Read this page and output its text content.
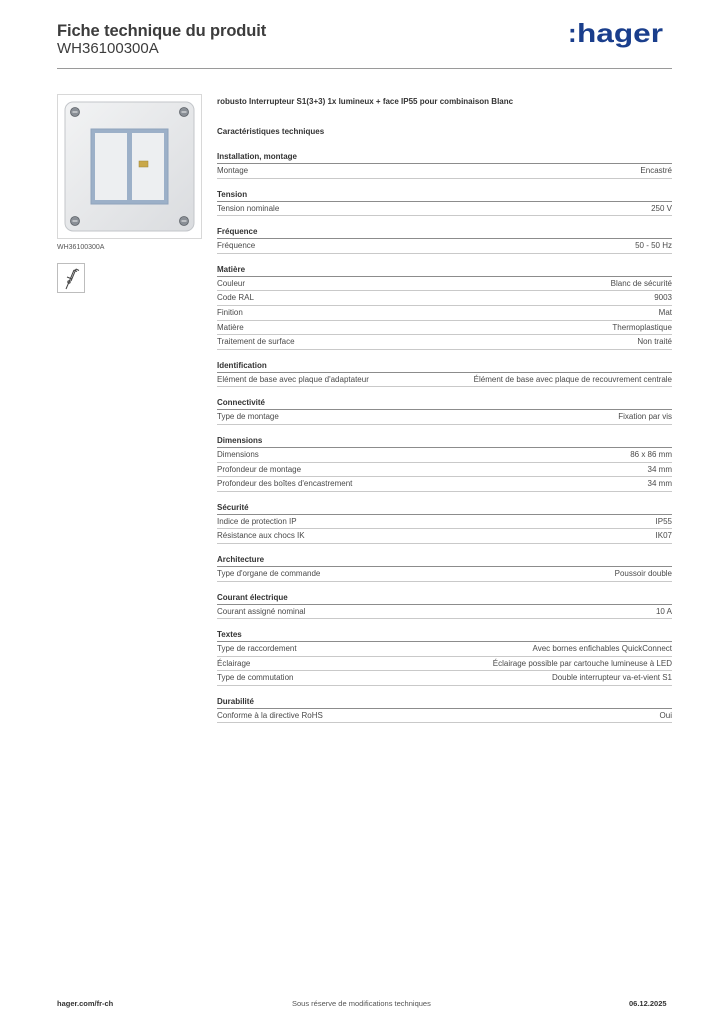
Fiche technique du produit
WH36100300A
: hager
WH36100300A
robusto Interrupteur S1(3+3) 1x lumineux + face IP55 pour combinaison Blanc
Caractéristiques techniques
Installation, montage
Montage	Encastré
Tension
Tension nominale	250 V
Fréquence
Fréquence	50 - 50 Hz
Matière
Couleur	Blanc de sécurité
Code RAL	9003
Finition	Mat
Matière	Thermoplastique
Traitement de surface	Non traité
Identification
Elément de base avec plaque d'adaptateur	Élément de base avec plaque de recouvrement centrale
Connectivité
Type de montage	Fixation par vis
Dimensions
Dimensions	86 x 86 mm
Profondeur de montage	34 mm
Profondeur des boîtes d'encastrement	34 mm
Sécurité
Indice de protection IP	IP55
Résistance aux chocs IK	IK07
Architecture
Type d'organe de commande	Poussoir double
Courant électrique
Courant assigné nominal	10 A
Textes
Type de raccordement	Avec bornes enfichables QuickConnect
Éclairage	Éclairage possible par cartouche lumineuse à LED
Type de commutation	Double interrupteur va-et-vient S1
Durabilité
Conforme à la directive RoHS	Oui
hager.com/fr-ch	Sous réserve de modifications techniques	06.12.2025
